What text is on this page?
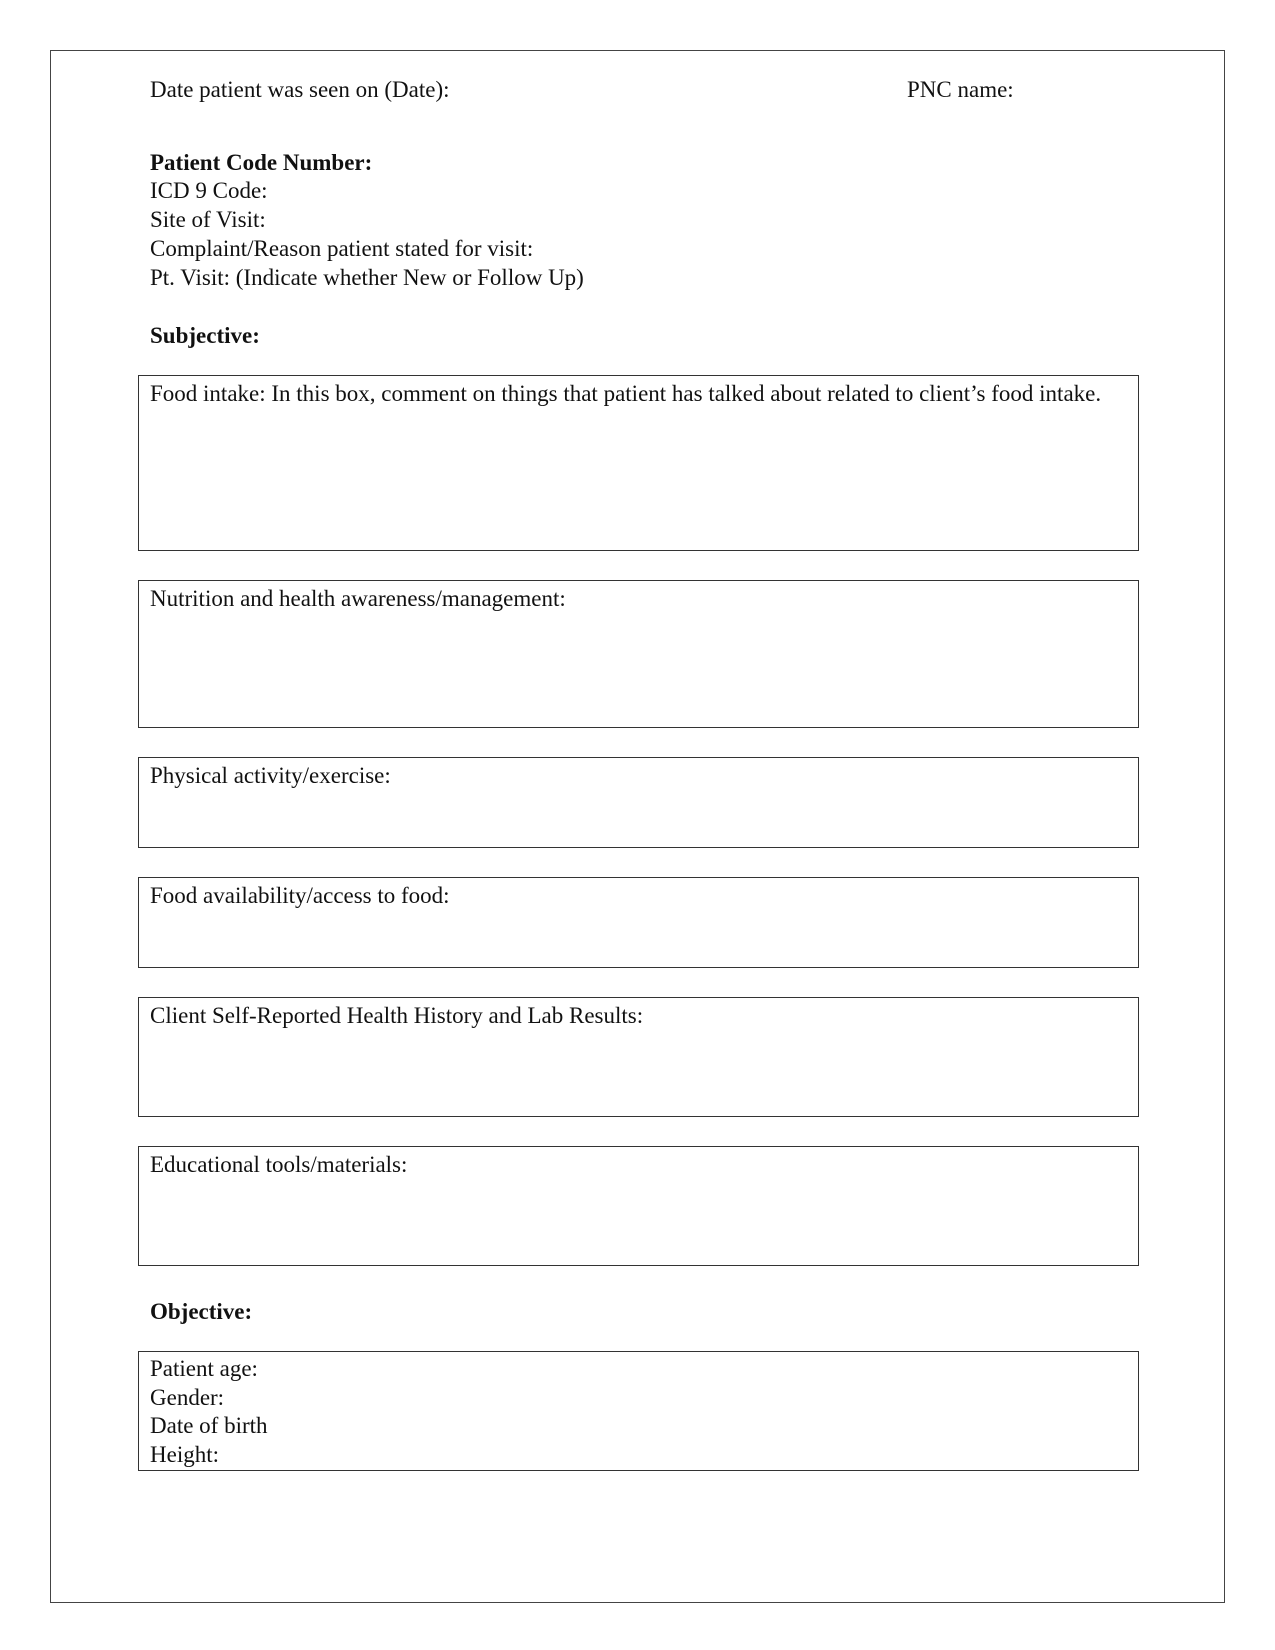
Date patient was seen on (Date):	PNC name:
Patient Code Number:
ICD 9 Code:
Site of Visit:
Complaint/Reason patient stated for visit:
Pt. Visit: (Indicate whether New or Follow Up)
Subjective:
Food intake: In this box, comment on things that patient has talked about related to client’s food intake.
Nutrition and health awareness/management:
Physical activity/exercise:
Food availability/access to food:
Client Self-Reported Health History and Lab Results:
Educational tools/materials:
Objective:
Patient age:
Gender:
Date of birth
Height:
